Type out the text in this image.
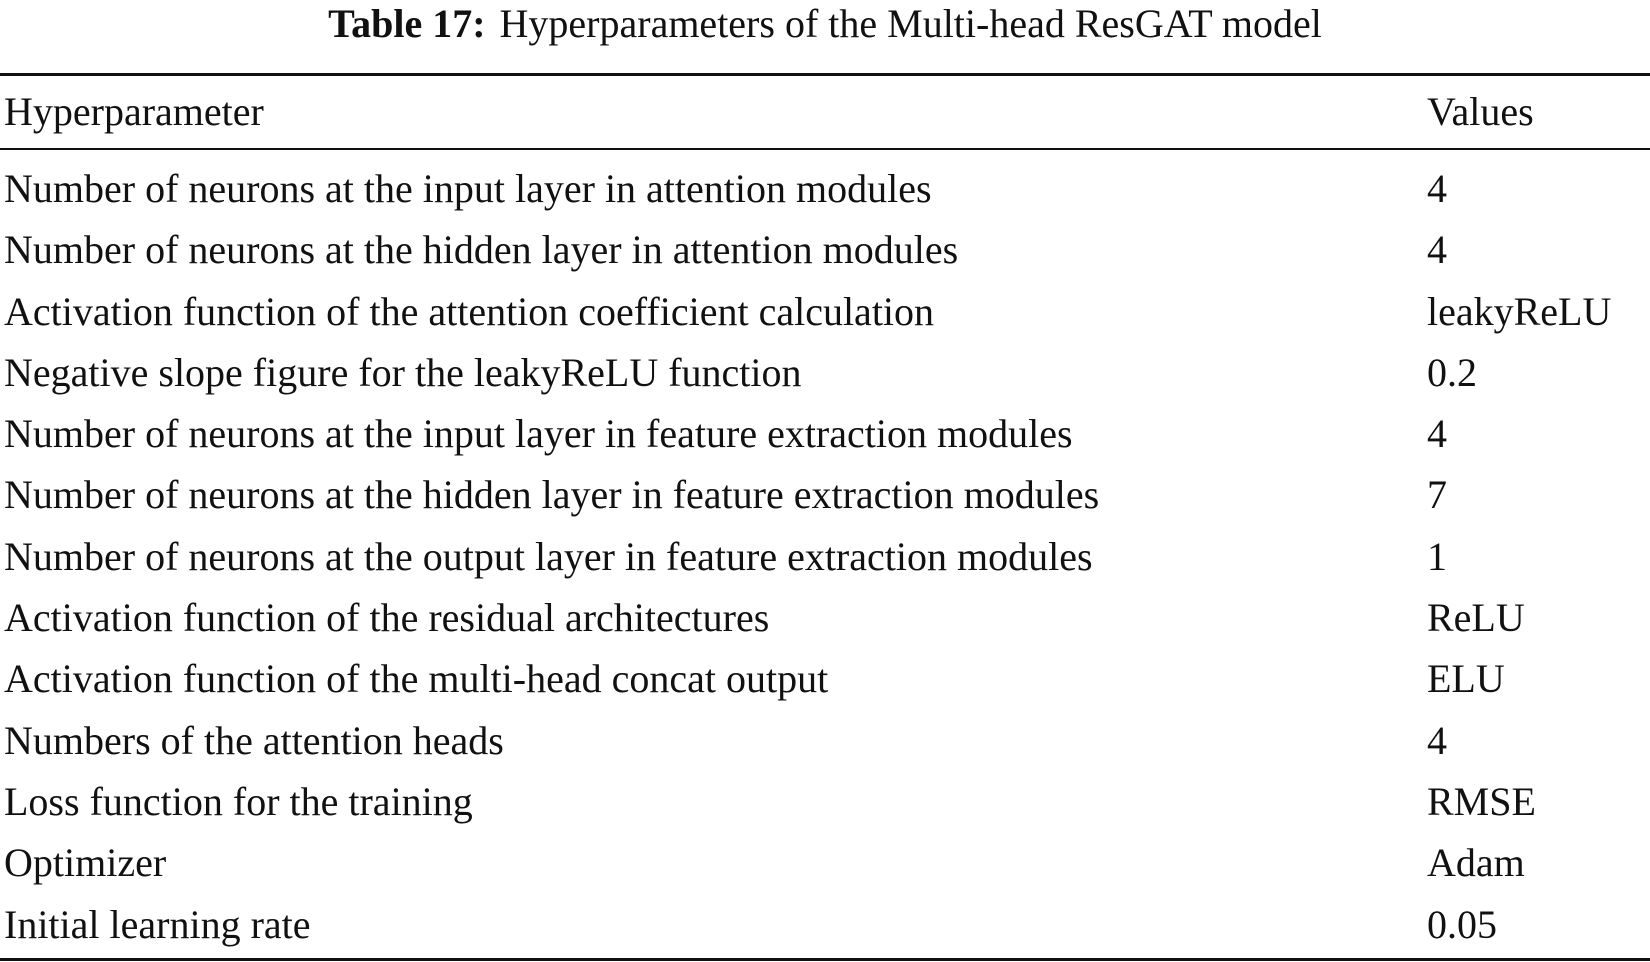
Table 17: Hyperparameters of the Multi-head ResGAT model
Hyperparameter	Values
Number of neurons at the input layer in attention modules	4
Number of neurons at the hidden layer in attention modules	4
Activation function of the attention coefficient calculation	leakyReLU
Negative slope figure for the leakyReLU function	0.2
Number of neurons at the input layer in feature extraction modules	4
Number of neurons at the hidden layer in feature extraction modules	7
Number of neurons at the output layer in feature extraction modules	1
Activation function of the residual architectures	ReLU
Activation function of the multi-head concat output	ELU
Numbers of the attention heads	4
Loss function for the training	RMSE
Optimizer	Adam
Initial learning rate	0.05
